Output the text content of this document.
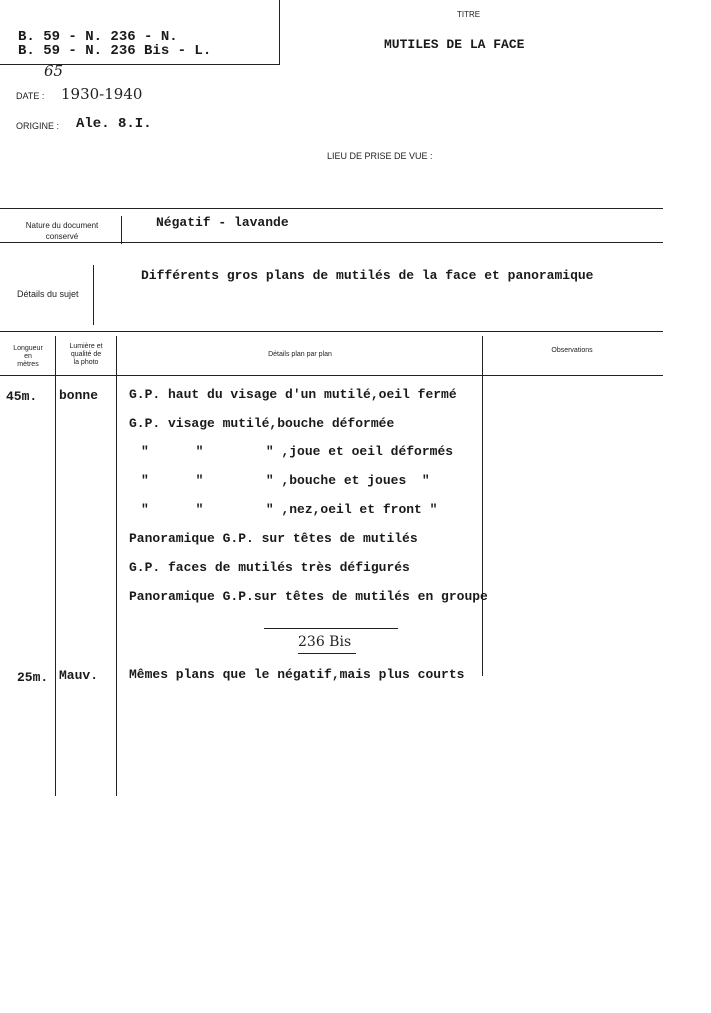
B. 59 - N. 236 - N.
B. 59 - N. 236 Bis - L.
65
TITRE
MUTILES DE LA FACE
DATE : 1930-1940
ORIGINE : Ale. 8.I.
LIEU DE PRISE DE VUE :
Nature du document
conservé
Négatif - lavande
Détails du sujet
Différents gros plans de mutilés de la face et panoramique
Longueur
en
mètres
Lumière et
qualité de
la photo
Détails plan par plan
Observations
45m. bonne G.P. haut du visage d'un mutilé,oeil fermé
G.P. visage mutilé,bouche déformée
"      "        " ,joue et oeil déformés
"      "        " ,bouche et joues  "
"      "        " ,nez,oeil et front "
Panoramique G.P. sur têtes de mutilés
G.P. faces de mutilés très défigurés
Panoramique G.P.sur têtes de mutilés en groupe
236 Bis
25m. Mauv. Mêmes plans que le négatif,mais plus courts
